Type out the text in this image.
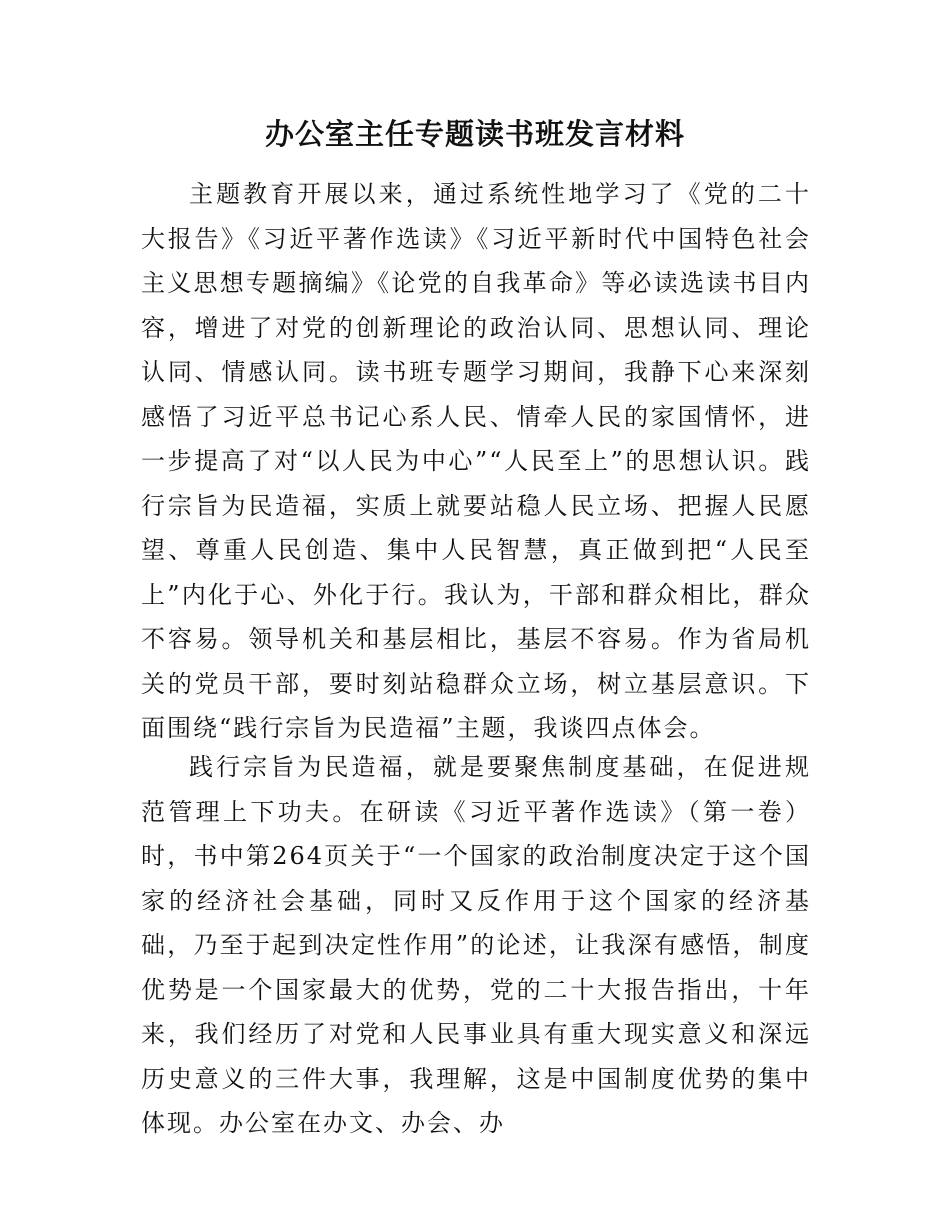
办公室主任专题读书班发言材料

主题教育开展以来，通过系统性地学习了《党的二十大报告》《习近平著作选读》《习近平新时代中国特色社会主义思想专题摘编》《论党的自我革命》等必读选读书目内容，增进了对党的创新理论的政治认同、思想认同、理论认同、情感认同。读书班专题学习期间，我静下心来深刻感悟了习近平总书记心系人民、情牵人民的家国情怀，进一步提高了对“以人民为中心”“人民至上”的思想认识。践行宗旨为民造福，实质上就要站稳人民立场、把握人民愿望、尊重人民创造、集中人民智慧，真正做到把“人民至上”内化于心、外化于行。我认为，干部和群众相比，群众不容易。领导机关和基层相比，基层不容易。作为省局机关的党员干部，要时刻站稳群众立场，树立基层意识。下面围绕“践行宗旨为民造福”主题，我谈四点体会。

践行宗旨为民造福，就是要聚焦制度基础，在促进规范管理上下功夫。在研读《习近平著作选读》（第一卷）时，书中第264页关于“一个国家的政治制度决定于这个国家的经济社会基础，同时又反作用于这个国家的经济基础，乃至于起到决定性作用”的论述，让我深有感悟，制度优势是一个国家最大的优势，党的二十大报告指出，十年来，我们经历了对党和人民事业具有重大现实意义和深远历史意义的三件大事，我理解，这是中国制度优势的集中体现。办公室在办文、办会、办
